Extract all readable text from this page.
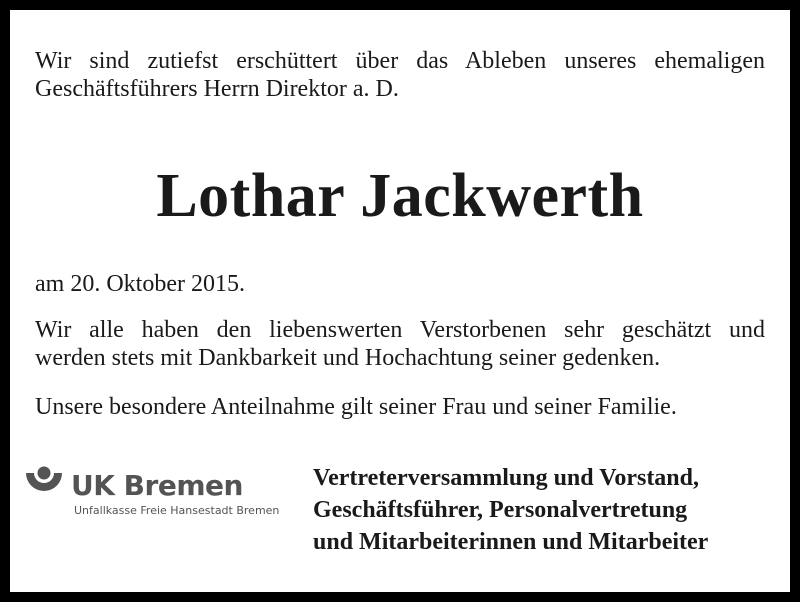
Wir sind zutiefst erschüttert über das Ableben unseres ehemaligen
Geschäftsführers Herrn Direktor a. D.
Lothar Jackwerth
am 20. Oktober 2015.
Wir alle haben den liebenswerten Verstorbenen sehr geschätzt und
werden stets mit Dankbarkeit und Hochachtung seiner gedenken.
Unsere besondere Anteilnahme gilt seiner Frau und seiner Familie.
UK Bremen
Unfallkasse Freie Hansestadt Bremen
Vertreterversammlung und Vorstand,
Geschäftsführer, Personalvertretung
und Mitarbeiterinnen und Mitarbeiter
